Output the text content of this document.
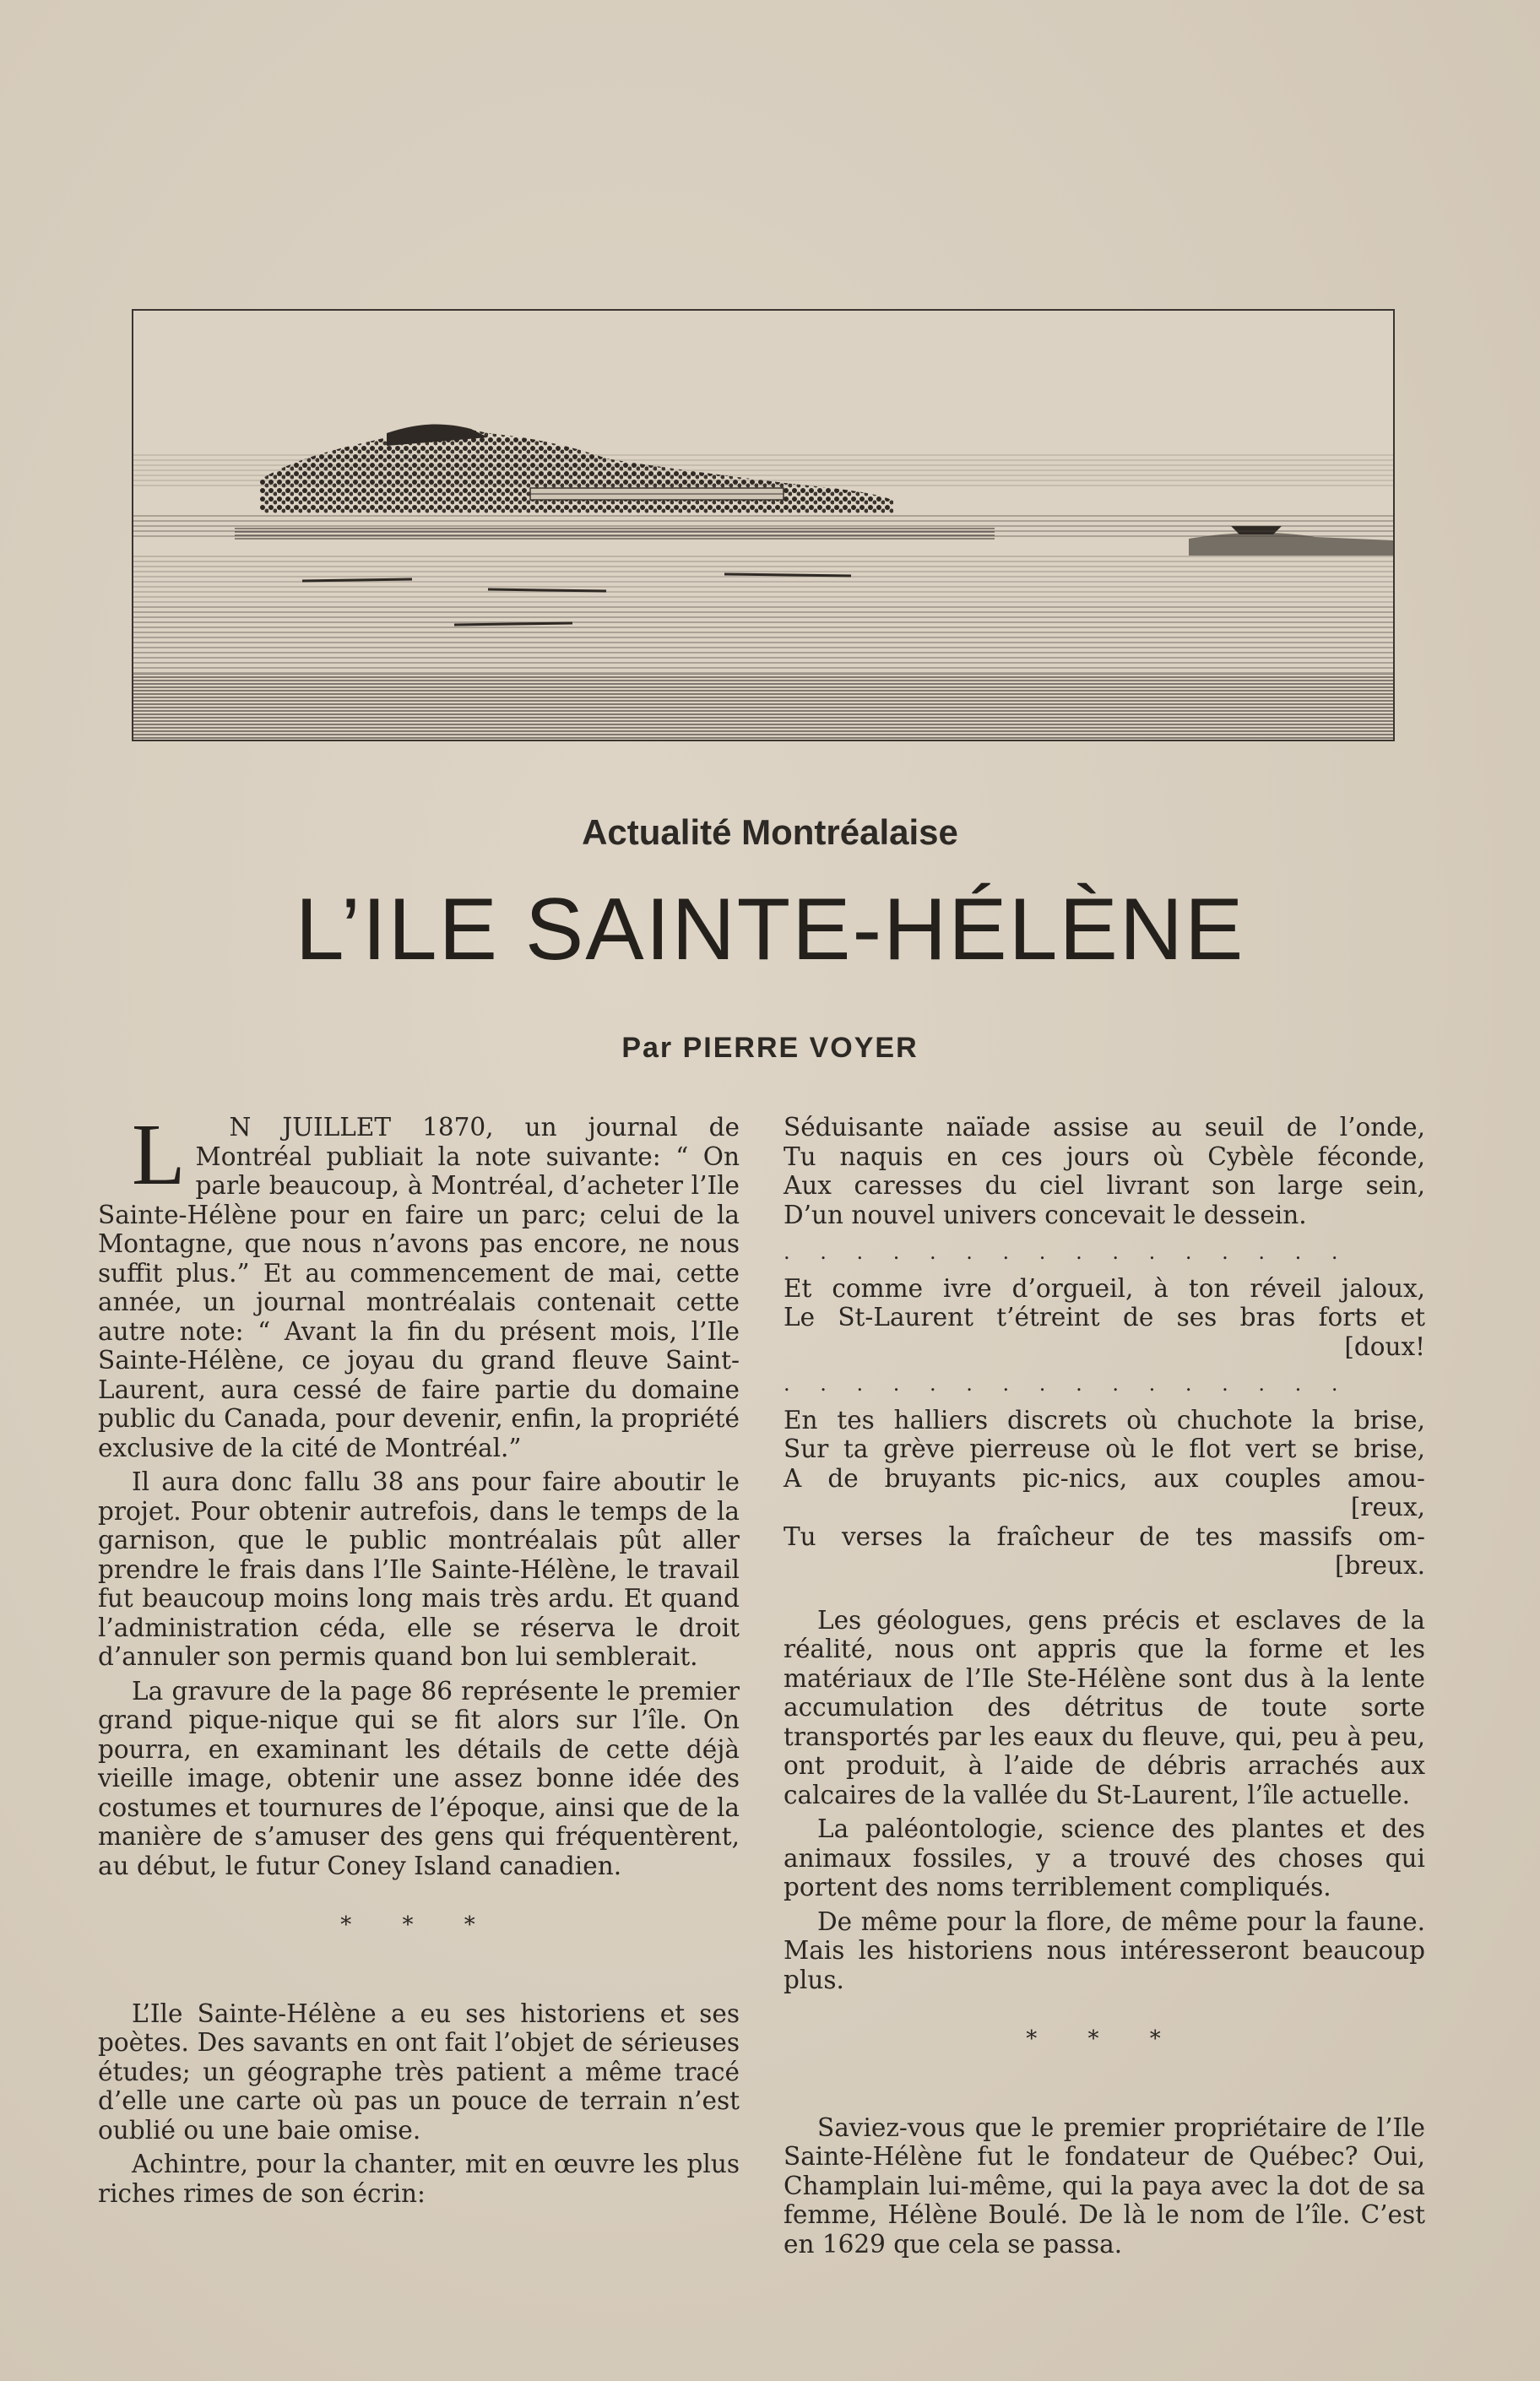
Actualité Montréalaise
L’ILE SAINTE-HÉLÈNE
Par PIERRE VOYER

L N JUILLET 1870, un journal de Montréal publiait la note suivante: “ On parle beaucoup, à Montréal, d’acheter l’Ile Sainte-Hélène pour en faire un parc; celui de la Montagne, que nous n’avons pas encore, ne nous suffit plus.” Et au commencement de mai, cette année, un journal montréalais contenait cette autre note: “ Avant la fin du présent mois, l’Ile Sainte-Hélène, ce joyau du grand fleuve Saint-Laurent, aura cessé de faire partie du domaine public du Canada, pour devenir, enfin, la propriété exclusive de la cité de Montréal.”

Il aura donc fallu 38 ans pour faire aboutir le projet. Pour obtenir autrefois, dans le temps de la garnison, que le public montréalais pût aller prendre le frais dans l’Ile Sainte-Hélène, le travail fut beaucoup moins long mais très ardu. Et quand l’administration céda, elle se réserva le droit d’annuler son permis quand bon lui semblerait.

La gravure de la page 86 représente le premier grand pique-nique qui se fit alors sur l’île. On pourra, en examinant les détails de cette déjà vieille image, obtenir une assez bonne idée des costumes et tournures de l’époque, ainsi que de la manière de s’amuser des gens qui fréquentèrent, au début, le futur Coney Island canadien.

* * *

L’Ile Sainte-Hélène a eu ses historiens et ses poètes. Des savants en ont fait l’objet de sérieuses études; un géographe très patient a même tracé d’elle une carte où pas un pouce de terrain n’est oublié ou une baie omise.

Achintre, pour la chanter, mit en œuvre les plus riches rimes de son écrin:

Séduisante naïade assise au seuil de l’onde,
Tu naquis en ces jours où Cybèle féconde,
Aux caresses du ciel livrant son large sein,
D’un nouvel univers concevait le dessein.
. . . . . . . . . . . . . . . .
Et comme ivre d’orgueil, à ton réveil jaloux,
Le St-Laurent t’étreint de ses bras forts et
[doux!
. . . . . . . . . . . . . . . .
En tes halliers discrets où chuchote la brise,
Sur ta grève pierreuse où le flot vert se brise,
A de bruyants pic-nics, aux couples amou-
[reux,
Tu verses la fraîcheur de tes massifs om-
[breux.

Les géologues, gens précis et esclaves de la réalité, nous ont appris que la forme et les matériaux de l’Ile Ste-Hélène sont dus à la lente accumulation des détritus de toute sorte transportés par les eaux du fleuve, qui, peu à peu, ont produit, à l’aide de débris arrachés aux calcaires de la vallée du St-Laurent, l’île actuelle.

La paléontologie, science des plantes et des animaux fossiles, y a trouvé des choses qui portent des noms terriblement compliqués.

De même pour la flore, de même pour la faune. Mais les historiens nous intéresseront beaucoup plus.

* * *

Saviez-vous que le premier propriétaire de l’Ile Sainte-Hélène fut le fondateur de Québec? Oui, Champlain lui-même, qui la paya avec la dot de sa femme, Hélène Boulé. De là le nom de l’île. C’est en 1629 que cela se passa.
